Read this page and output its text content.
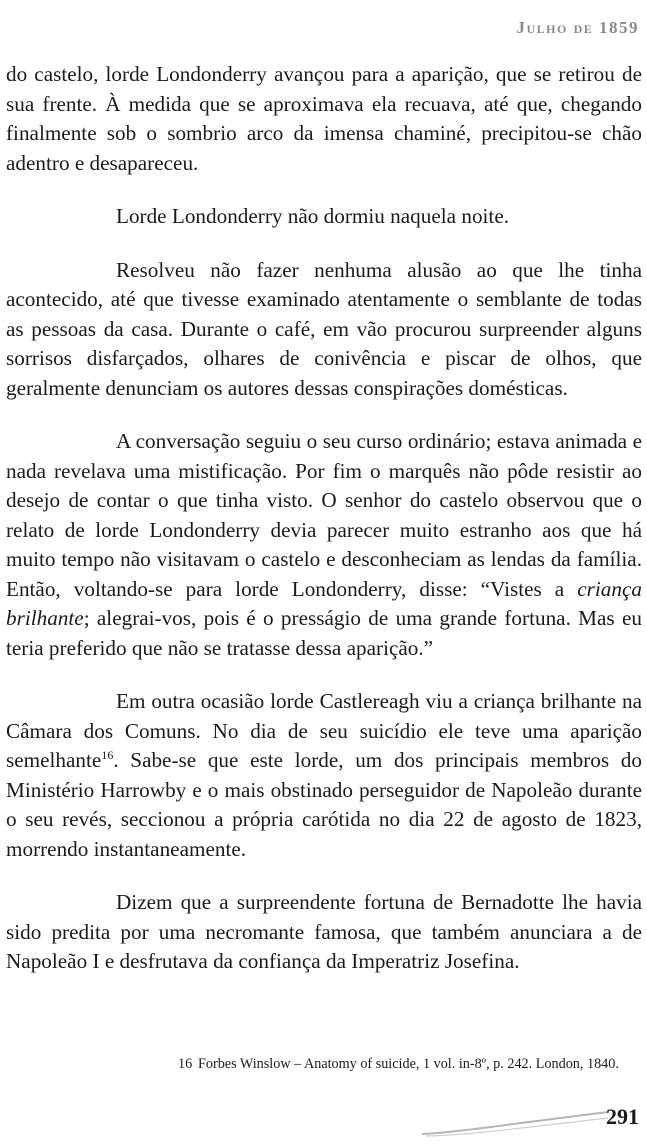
Julho de 1859

do castelo, lorde Londonderry avançou para a aparição, que se retirou de sua frente. À medida que se aproximava ela recuava, até que, chegando finalmente sob o sombrio arco da imensa chaminé, precipitou-se chão adentro e desapareceu.

Lorde Londonderry não dormiu naquela noite.

Resolveu não fazer nenhuma alusão ao que lhe tinha acontecido, até que tivesse examinado atentamente o semblante de todas as pessoas da casa. Durante o café, em vão procurou surpreender alguns sorrisos disfarçados, olhares de conivência e piscar de olhos, que geralmente denunciam os autores dessas conspirações domésticas.

A conversação seguiu o seu curso ordinário; estava animada e nada revelava uma mistificação. Por fim o marquês não pôde resistir ao desejo de contar o que tinha visto. O senhor do castelo observou que o relato de lorde Londonderry devia parecer muito estranho aos que há muito tempo não visitavam o castelo e desconheciam as lendas da família. Então, voltando-se para lorde Londonderry, disse: “Vistes a criança brilhante; alegrai-vos, pois é o presságio de uma grande fortuna. Mas eu teria preferido que não se tratasse dessa aparição.”

Em outra ocasião lorde Castlereagh viu a criança brilhante na Câmara dos Comuns. No dia de seu suicídio ele teve uma aparição semelhante$^{16}$. Sabe-se que este lorde, um dos principais membros do Ministério Harrowby e o mais obstinado perseguidor de Napoleão durante o seu revés, seccionou a própria carótida no dia 22 de agosto de 1823, morrendo instantaneamente.

Dizem que a surpreendente fortuna de Bernadotte lhe havia sido predita por uma necromante famosa, que também anunciara a de Napoleão I e desfrutava da confiança da Imperatriz Josefina.

16 Forbes Winslow – Anatomy of suicide, 1 vol. in-8º, p. 242. London, 1840.
291
